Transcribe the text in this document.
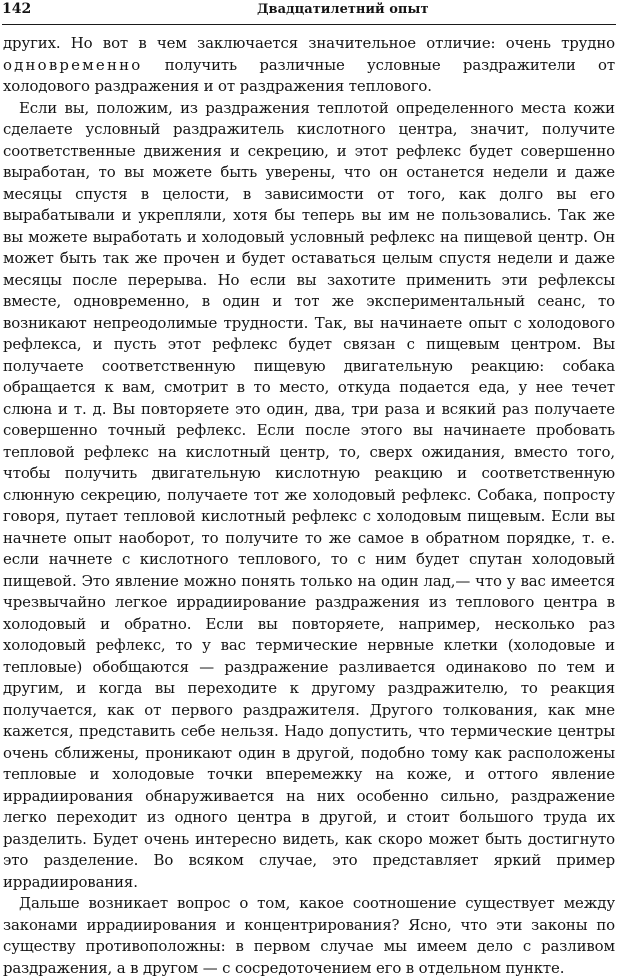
142	Двадцатилетний опыт

других. Но вот в чем заключается значительное отличие: очень трудно одновременно получить различные условные раздражители от холодового раздражения и от раздражения теплового.

Если вы, положим, из раздражения теплотой определенного места кожи сделаете условный раздражитель кислотного центра, значит, получите соответственные движения и секрецию, и этот рефлекс будет совершенно выработан, то вы можете быть уверены, что он останется недели и даже месяцы спустя в целости, в зависимости от того, как долго вы его вырабатывали и укрепляли, хотя бы теперь вы им не пользовались. Так же вы можете выработать и холодовый условный рефлекс на пищевой центр. Он может быть так же прочен и будет оставаться целым спустя недели и даже месяцы после перерыва. Но если вы захотите применить эти рефлексы вместе, одновременно, в один и тот же экспериментальный сеанс, то возникают непреодолимые трудности. Так, вы начинаете опыт с холодового рефлекса, и пусть этот рефлекс будет связан с пищевым центром. Вы получаете соответственную пищевую двигательную реакцию: собака обращается к вам, смотрит в то место, откуда подается еда, у нее течет слюна и т. д. Вы повторяете это один, два, три раза и всякий раз получаете совершенно точный рефлекс. Если после этого вы начинаете пробовать тепловой рефлекс на кислотный центр, то, сверх ожидания, вместо того, чтобы получить двигательную кислотную реакцию и соответственную слюнную секрецию, получаете тот же холодовый рефлекс. Собака, попросту говоря, путает тепловой кислотный рефлекс с холодовым пищевым. Если вы начнете опыт наоборот, то получите то же самое в обратном порядке, т. е. если начнете с кислотного теплового, то с ним будет спутан холодовый пищевой. Это явление можно понять только на один лад,— что у вас имеется чрезвычайно легкое иррадиирование раздражения из теплового центра в холодовый и обратно. Если вы повторяете, например, несколько раз холодовый рефлекс, то у вас термические нервные клетки (холодовые и тепловые) обобщаются — раздражение разливается одинаково по тем и другим, и когда вы переходите к другому раздражителю, то реакция получается, как от первого раздражителя. Другого толкования, как мне кажется, представить себе нельзя. Надо допустить, что термические центры очень сближены, проникают один в другой, подобно тому как расположены тепловые и холодовые точки вперемежку на коже, и оттого явление иррадиирования обнаруживается на них особенно сильно, раздражение легко переходит из одного центра в другой, и стоит большого труда их разделить. Будет очень интересно видеть, как скоро может быть достигнуто это разделение. Во всяком случае, это представляет яркий пример иррадиирования.

Дальше возникает вопрос о том, какое соотношение существует между законами иррадиирования и концентрирования? Ясно, что эти законы по существу противоположны: в первом случае мы имеем дело с разливом раздражения, а в другом — с сосредоточением его в отдельном пункте.
